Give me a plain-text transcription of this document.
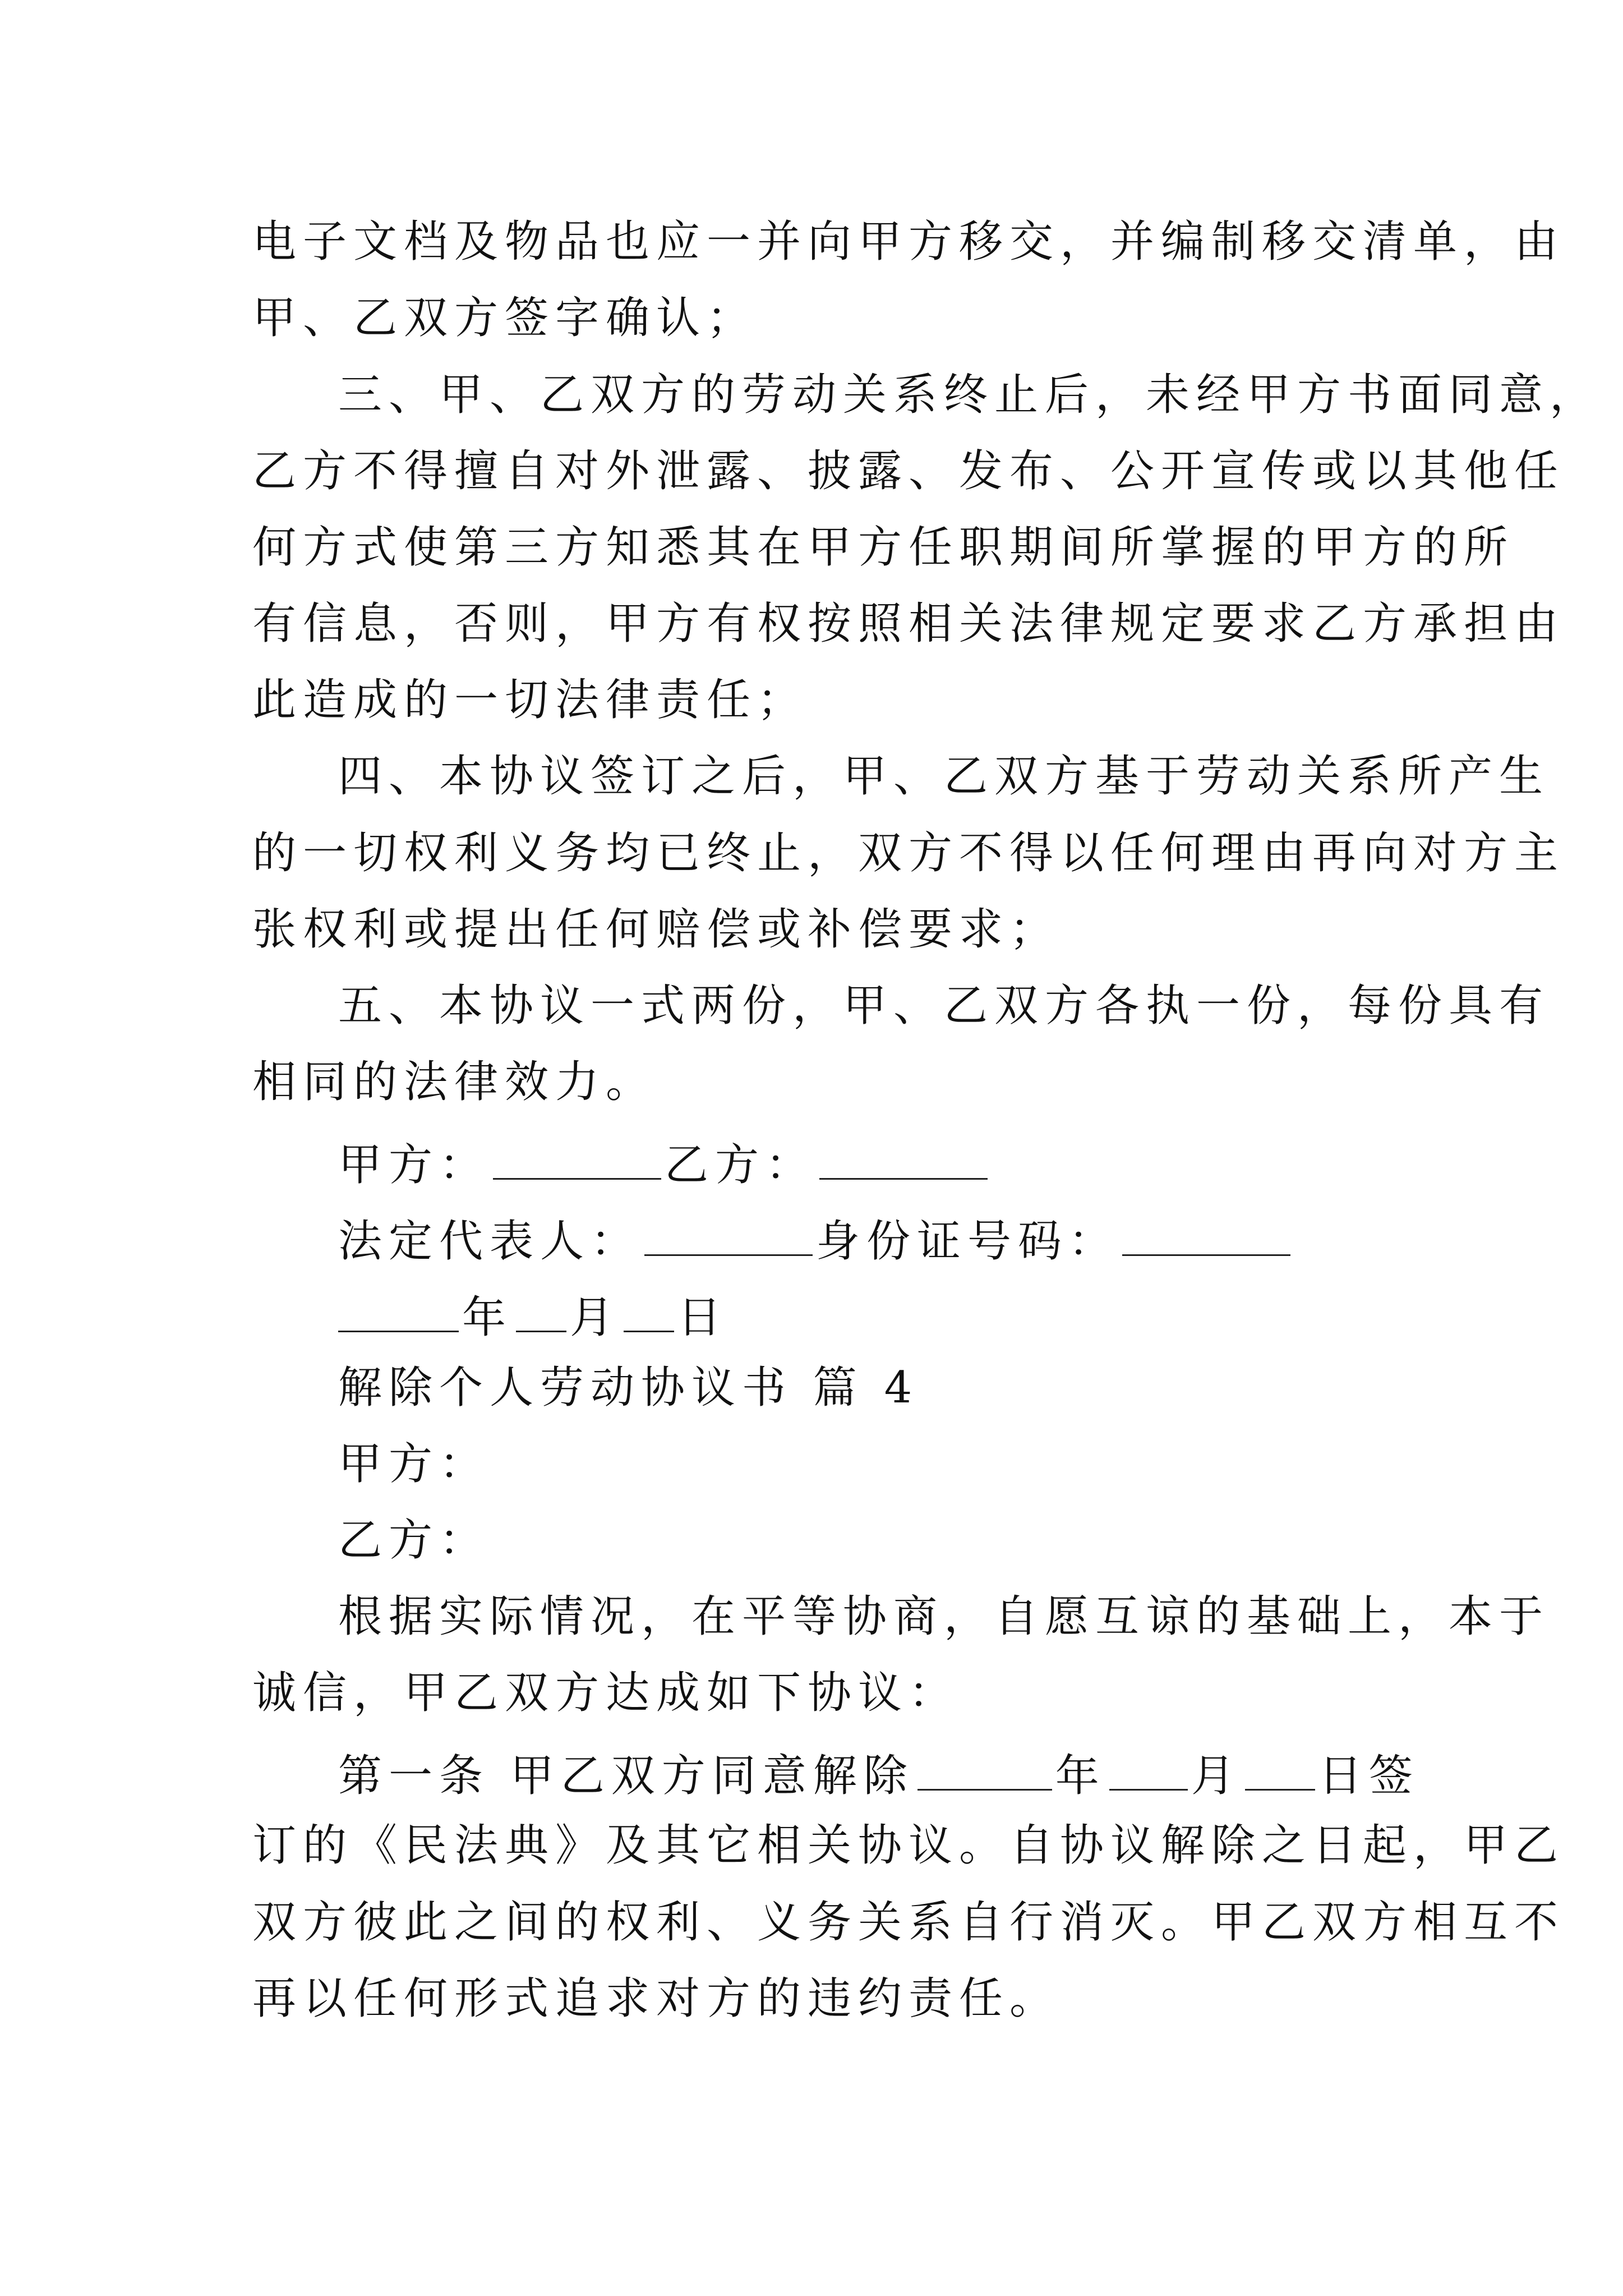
电子文档及物品也应一并向甲方移交，并编制移交清单，由
甲、乙双方签字确认；
三、甲、乙双方的劳动关系终止后，未经甲方书面同意，
乙方不得擅自对外泄露、披露、发布、公开宣传或以其他任
何方式使第三方知悉其在甲方任职期间所掌握的甲方的所
有信息，否则，甲方有权按照相关法律规定要求乙方承担由
此造成的一切法律责任；
四、本协议签订之后，甲、乙双方基于劳动关系所产生
的一切权利义务均已终止，双方不得以任何理由再向对方主
张权利或提出任何赔偿或补偿要求；
五、本协议一式两份，甲、乙双方各执一份，每份具有
相同的法律效力。
甲方：	乙方：
法定代表人：	身份证号码：
年 月 日
解除个人劳动协议书 篇 4
甲方：
乙方：
根据实际情况，在平等协商，自愿互谅的基础上，本于
诚信，甲乙双方达成如下协议：
第一条 甲乙双方同意解除	年 月 日签
订的《民法典》及其它相关协议。自协议解除之日起，甲乙
双方彼此之间的权利、义务关系自行消灭。甲乙双方相互不
再以任何形式追求对方的违约责任。
